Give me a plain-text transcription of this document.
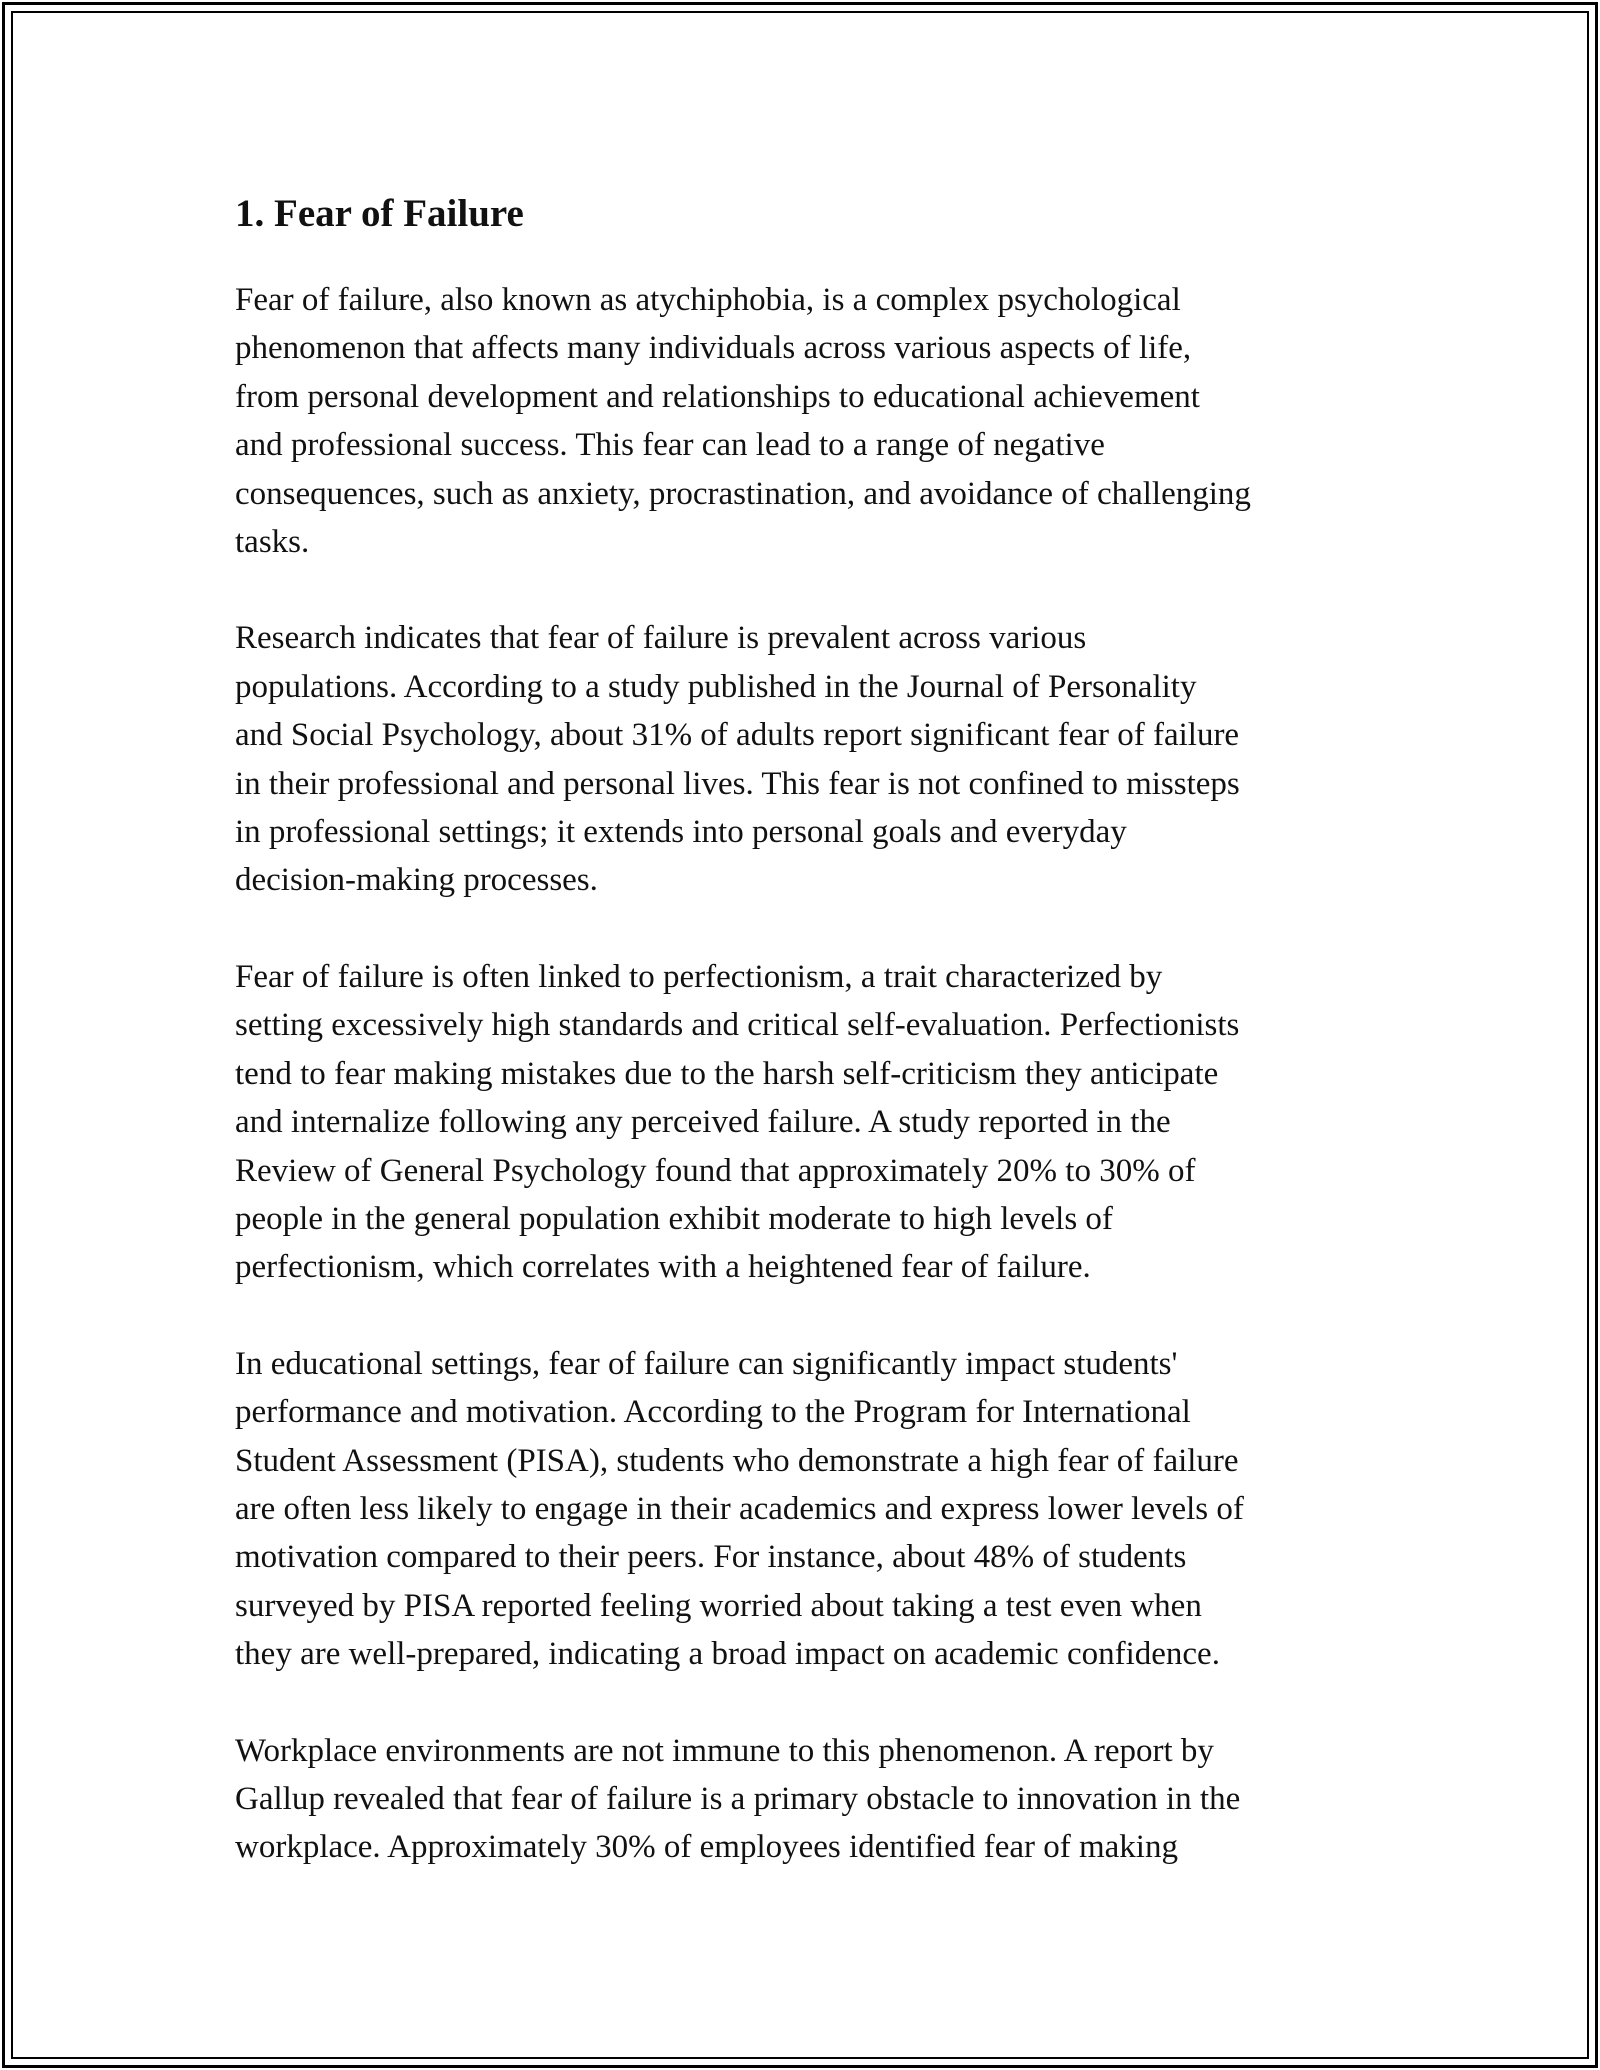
1. Fear of Failure

Fear of failure, also known as atychiphobia, is a complex psychological
phenomenon that affects many individuals across various aspects of life,
from personal development and relationships to educational achievement
and professional success. This fear can lead to a range of negative
consequences, such as anxiety, procrastination, and avoidance of challenging
tasks.

Research indicates that fear of failure is prevalent across various
populations. According to a study published in the Journal of Personality
and Social Psychology, about 31% of adults report significant fear of failure
in their professional and personal lives. This fear is not confined to missteps
in professional settings; it extends into personal goals and everyday
decision-making processes.

Fear of failure is often linked to perfectionism, a trait characterized by
setting excessively high standards and critical self-evaluation. Perfectionists
tend to fear making mistakes due to the harsh self-criticism they anticipate
and internalize following any perceived failure. A study reported in the
Review of General Psychology found that approximately 20% to 30% of
people in the general population exhibit moderate to high levels of
perfectionism, which correlates with a heightened fear of failure.

In educational settings, fear of failure can significantly impact students'
performance and motivation. According to the Program for International
Student Assessment (PISA), students who demonstrate a high fear of failure
are often less likely to engage in their academics and express lower levels of
motivation compared to their peers. For instance, about 48% of students
surveyed by PISA reported feeling worried about taking a test even when
they are well-prepared, indicating a broad impact on academic confidence.

Workplace environments are not immune to this phenomenon. A report by
Gallup revealed that fear of failure is a primary obstacle to innovation in the
workplace. Approximately 30% of employees identified fear of making
